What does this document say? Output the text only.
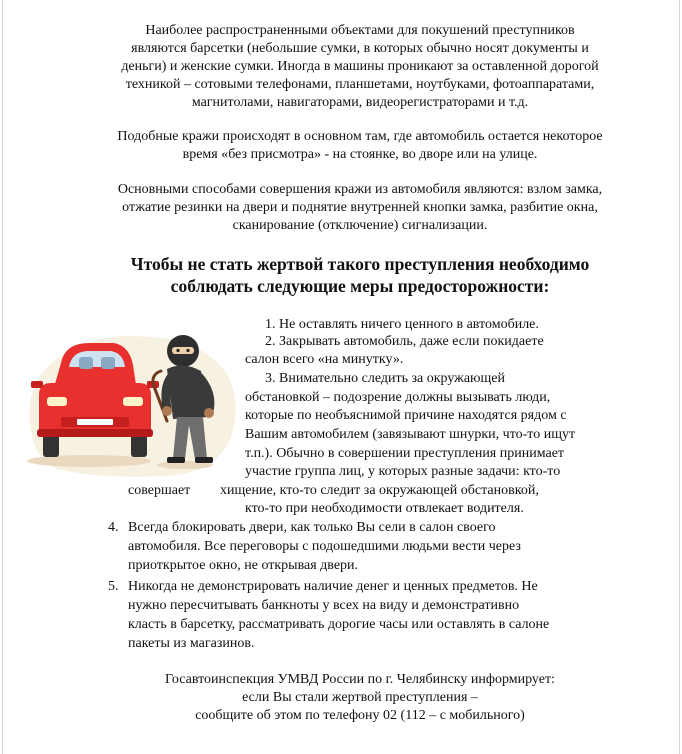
Наиболее распространенными объектами для покушений преступников

являются барсетки (небольшие сумки, в которых обычно носят документы и

деньги) и женские сумки. Иногда в машины проникают за оставленной дорогой

техникой – сотовыми телефонами, планшетами, ноутбуками, фотоаппаратами,

магнитолами, навигаторами, видеорегистраторами и т.д.

Подобные кражи происходят в основном там, где автомобиль остается некоторое

время «без присмотра» - на стоянке, во дворе или на улице.

Основными способами совершения кражи из автомобиля являются: взлом замка,

отжатие резинки на двери и поднятие внутренней кнопки замка, разбитие окна,

сканирование (отключение) сигнализации.

Чтобы не стать жертвой такого преступления необходимо

соблюдать следующие меры предосторожности:

1. Не оставлять ничего ценного в автомобиле.

2. Закрывать автомобиль, даже если покидаете

салон всего «на минутку».

3. Внимательно следить за окружающей

обстановкой – подозрение должны вызывать люди,

которые по необъяснимой причине находятся рядом с

Вашим автомобилем (завязывают шнурки, что-то ищут

т.п.). Обычно в совершении преступления принимает

участие группа лиц, у которых разные задачи: кто-то

совершает хищение, кто-то следит за окружающей обстановкой,

кто-то при необходимости отвлекает водителя.

4. Всегда блокировать двери, как только Вы сели в салон своего

автомобиля. Все переговоры с подошедшими людьми вести через

приоткрытое окно, не открывая двери.

5. Никогда не демонстрировать наличие денег и ценных предметов. Не

нужно пересчитывать банкноты у всех на виду и демонстративно

класть в барсетку, рассматривать дорогие часы или оставлять в салоне

пакеты из магазинов.

Госавтоинспекция УМВД России по г. Челябинску информирует:

если Вы стали жертвой преступления –

сообщите об этом по телефону 02 (112 – с мобильного)
